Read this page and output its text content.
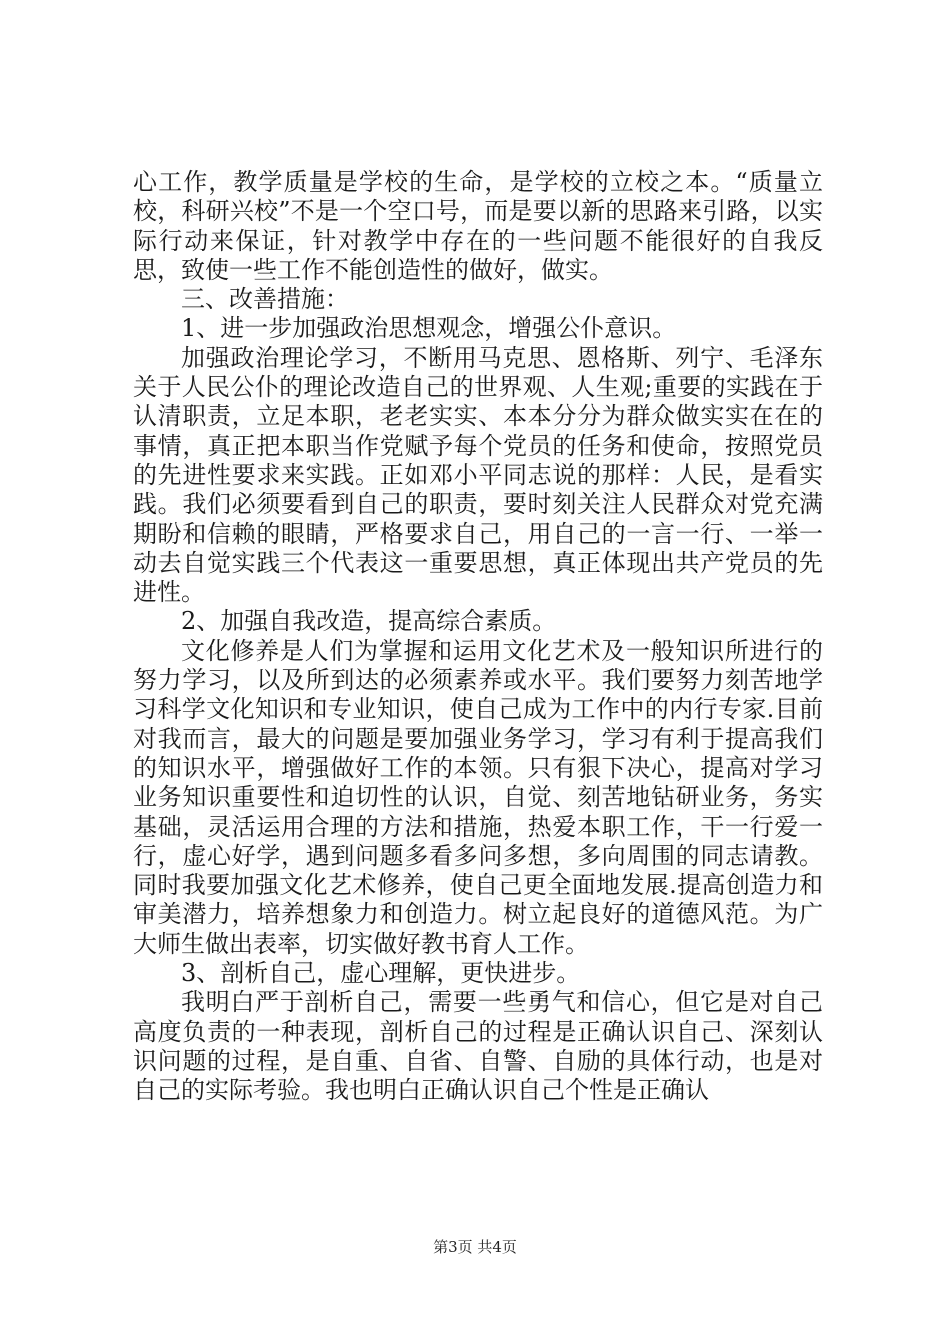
心工作，教学质量是学校的生命，是学校的立校之本。“质量立校，科研兴校”不是一个空口号，而是要以新的思路来引路，以实际行动来保证，针对教学中存在的一些问题不能很好的自我反思，致使一些工作不能创造性的做好，做实。

三、改善措施：

1、进一步加强政治思想观念，增强公仆意识。

加强政治理论学习，不断用马克思、恩格斯、列宁、毛泽东关于人民公仆的理论改造自己的世界观、人生观;重要的实践在于认清职责，立足本职，老老实实、本本分分为群众做实实在在的事情，真正把本职当作党赋予每个党员的任务和使命，按照党员的先进性要求来实践。正如邓小平同志说的那样：人民，是看实践。我们必须要看到自己的职责，要时刻关注人民群众对党充满期盼和信赖的眼睛，严格要求自己，用自己的一言一行、一举一动去自觉实践三个代表这一重要思想，真正体现出共产党员的先进性。

2、加强自我改造，提高综合素质。

文化修养是人们为掌握和运用文化艺术及一般知识所进行的努力学习，以及所到达的必须素养或水平。我们要努力刻苦地学习科学文化知识和专业知识，使自己成为工作中的内行专家.目前对我而言，最大的问题是要加强业务学习，学习有利于提高我们的知识水平，增强做好工作的本领。只有狠下决心，提高对学习业务知识重要性和迫切性的认识，自觉、刻苦地钻研业务，务实基础，灵活运用合理的方法和措施，热爱本职工作，干一行爱一行，虚心好学，遇到问题多看多问多想，多向周围的同志请教。同时我要加强文化艺术修养，使自己更全面地发展.提高创造力和审美潜力，培养想象力和创造力。树立起良好的道德风范。为广大师生做出表率，切实做好教书育人工作。

3、剖析自己，虚心理解，更快进步。

我明白严于剖析自己，需要一些勇气和信心，但它是对自己高度负责的一种表现，剖析自己的过程是正确认识自己、深刻认识问题的过程，是自重、自省、自警、自励的具体行动，也是对自己的实际考验。我也明白正确认识自己个性是正确认

第3页 共4页
